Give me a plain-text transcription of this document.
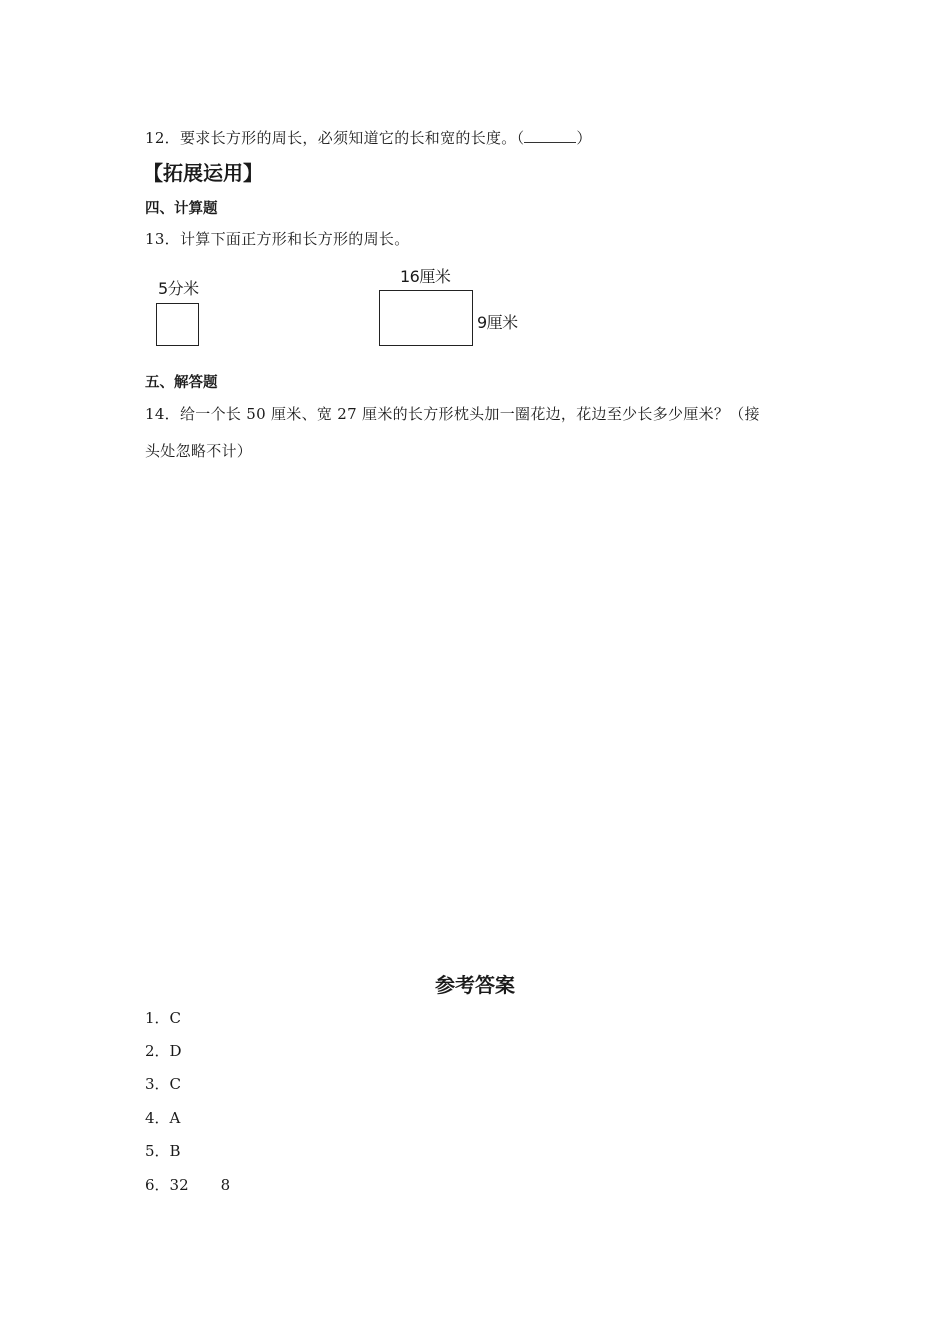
12．要求长方形的周长，必须知道它的长和宽的长度。（	）
【拓展运用】
四、计算题
13．计算下面正方形和长方形的周长。
5分米
16厘米
9厘米
五、解答题
14．给一个长 50 厘米、宽 27 厘米的长方形枕头加一圈花边，花边至少长多少厘米？（接
头处忽略不计）
参考答案
1．C
2．D
3．C
4．A
5．B
6．32 8
